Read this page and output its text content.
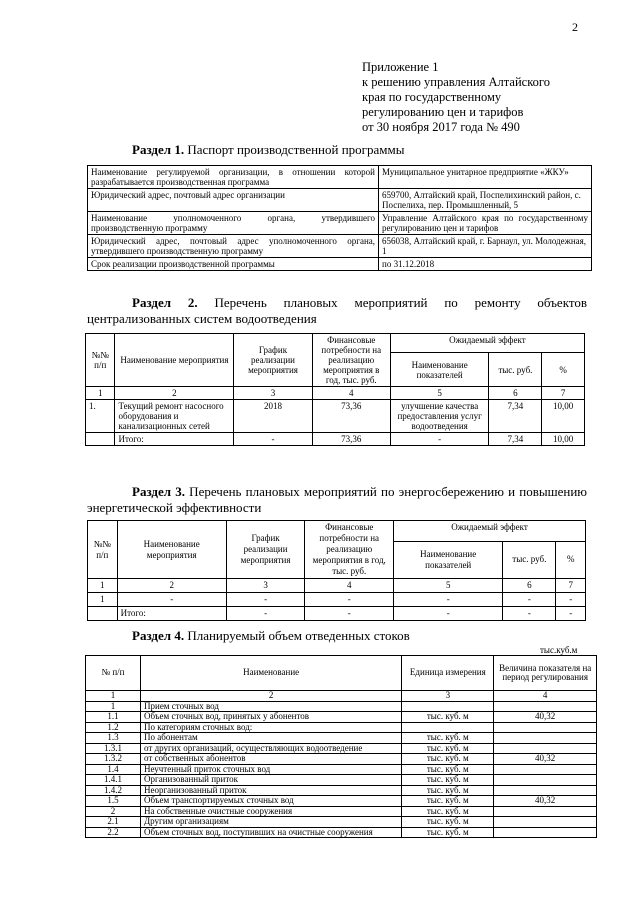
2
Приложение 1
к решению управления Алтайского
края по государственному
регулированию цен и тарифов
от 30 ноября 2017 года № 490
Раздел 1. Паспорт производственной программы
Наименование регулируемой организации, в отношении которой разрабатывается производственная программа	Муниципальное унитарное предприятие «ЖКУ»
Юридический адрес, почтовый адрес организации	659700, Алтайский край, Поспелихинский район, с. Поспелиха, пер. Промышленный, 5
Наименование уполномоченного органа, утвердившего производственную программу	Управление Алтайского края по государственному регулированию цен и тарифов
Юридический адрес, почтовый адрес уполномоченного органа, утвердившего производственную программу	656038, Алтайский край, г. Барнаул, ул. Молодежная, 1
Срок реализации производственной программы	по 31.12.2018
Раздел 2. Перечень плановых мероприятий по ремонту объектов централизованных систем водоотведения
№№ п/п	Наименование мероприятия	График реализации мероприятия	Финансовые потребности на реализацию мероприятия в год, тыс. руб.	Ожидаемый эффект		
				Наименование показателей	тыс. руб.	%
1	2	3	4	5	6	7
1.	Текущий ремонт насосного оборудования и канализационных сетей	2018	73,36	улучшение качества предоставления услуг водоотведения	7,34	10,00
	Итого:	-	73,36	-	7,34	10,00
Раздел 3. Перечень плановых мероприятий по энергосбережению и повышению энергетической эффективности
№№ п/п	Наименование мероприятия	График реализации мероприятия	Финансовые потребности на реализацию мероприятия в год, тыс. руб.	Ожидаемый эффект		
				Наименование показателей	тыс. руб.	%
1	2	3	4	5	6	7
1	-	-	-	-	-	-
	Итого:	-	-	-	-	-
Раздел 4. Планируемый объем отведенных стоков
тыс.куб.м
№ п/п	Наименование	Единица измерения	Величина показателя на период регулирования
1	2	3	4
1	Прием сточных вод		
1.1	Объем сточных вод, принятых у абонентов	тыс. куб. м	40,32
1.2	По категориям сточных вод:		
1.3	По абонентам	тыс. куб. м	
1.3.1	от других организаций, осуществляющих водоотведение	тыс. куб. м	
1.3.2	от собственных абонентов	тыс. куб. м	40,32
1.4	Неучтенный приток сточных вод	тыс. куб. м	
1.4.1	Организованный приток	тыс. куб. м	
1.4.2	Неорганизованный приток	тыс. куб. м	
1.5	Объем транспортируемых сточных вод	тыс. куб. м	40,32
2	На собственные очистные сооружения	тыс. куб. м	
2.1	Другим организациям	тыс. куб. м	
2.2	Объем сточных вод, поступивших на очистные сооружения	тыс. куб. м	
